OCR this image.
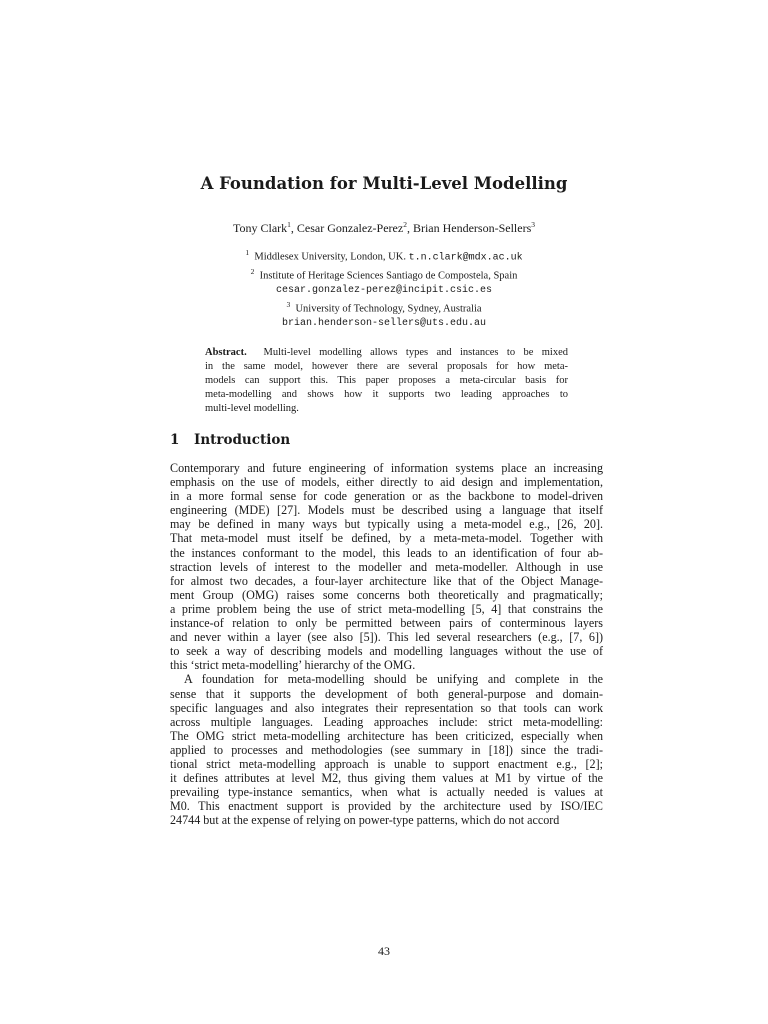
A Foundation for Multi-Level Modelling
Tony Clark$^1$, Cesar Gonzalez-Perez$^2$, Brian Henderson-Sellers$^3$
$^1$ Middlesex University, London, UK. t.n.clark@mdx.ac.uk
$^2$ Institute of Heritage Sciences Santiago de Compostela, Spain
cesar.gonzalez-perez@incipit.csic.es
$^3$ University of Technology, Sydney, Australia
brian.henderson-sellers@uts.edu.au
Abstract. Multi-level modelling allows types and instances to be mixed
in the same model, however there are several proposals for how meta-
models can support this. This paper proposes a meta-circular basis for
meta-modelling and shows how it supports two leading approaches to
multi-level modelling.
1 Introduction
Contemporary and future engineering of information systems place an increasing
emphasis on the use of models, either directly to aid design and implementation,
in a more formal sense for code generation or as the backbone to model-driven
engineering (MDE) [27]. Models must be described using a language that itself
may be defined in many ways but typically using a meta-model e.g., [26, 20].
That meta-model must itself be defined, by a meta-meta-model. Together with
the instances conformant to the model, this leads to an identification of four ab-
straction levels of interest to the modeller and meta-modeller. Although in use
for almost two decades, a four-layer architecture like that of the Object Manage-
ment Group (OMG) raises some concerns both theoretically and pragmatically;
a prime problem being the use of strict meta-modelling [5, 4] that constrains the
instance-of relation to only be permitted between pairs of conterminous layers
and never within a layer (see also [5]). This led several researchers (e.g., [7, 6])
to seek a way of describing models and modelling languages without the use of
this ‘strict meta-modelling’ hierarchy of the OMG.
A foundation for meta-modelling should be unifying and complete in the
sense that it supports the development of both general-purpose and domain-
specific languages and also integrates their representation so that tools can work
across multiple languages. Leading approaches include: strict meta-modelling:
The OMG strict meta-modelling architecture has been criticized, especially when
applied to processes and methodologies (see summary in [18]) since the tradi-
tional strict meta-modelling approach is unable to support enactment e.g., [2];
it defines attributes at level M2, thus giving them values at M1 by virtue of the
prevailing type-instance semantics, when what is actually needed is values at
M0. This enactment support is provided by the architecture used by ISO/IEC
24744 but at the expense of relying on power-type patterns, which do not accord
43
